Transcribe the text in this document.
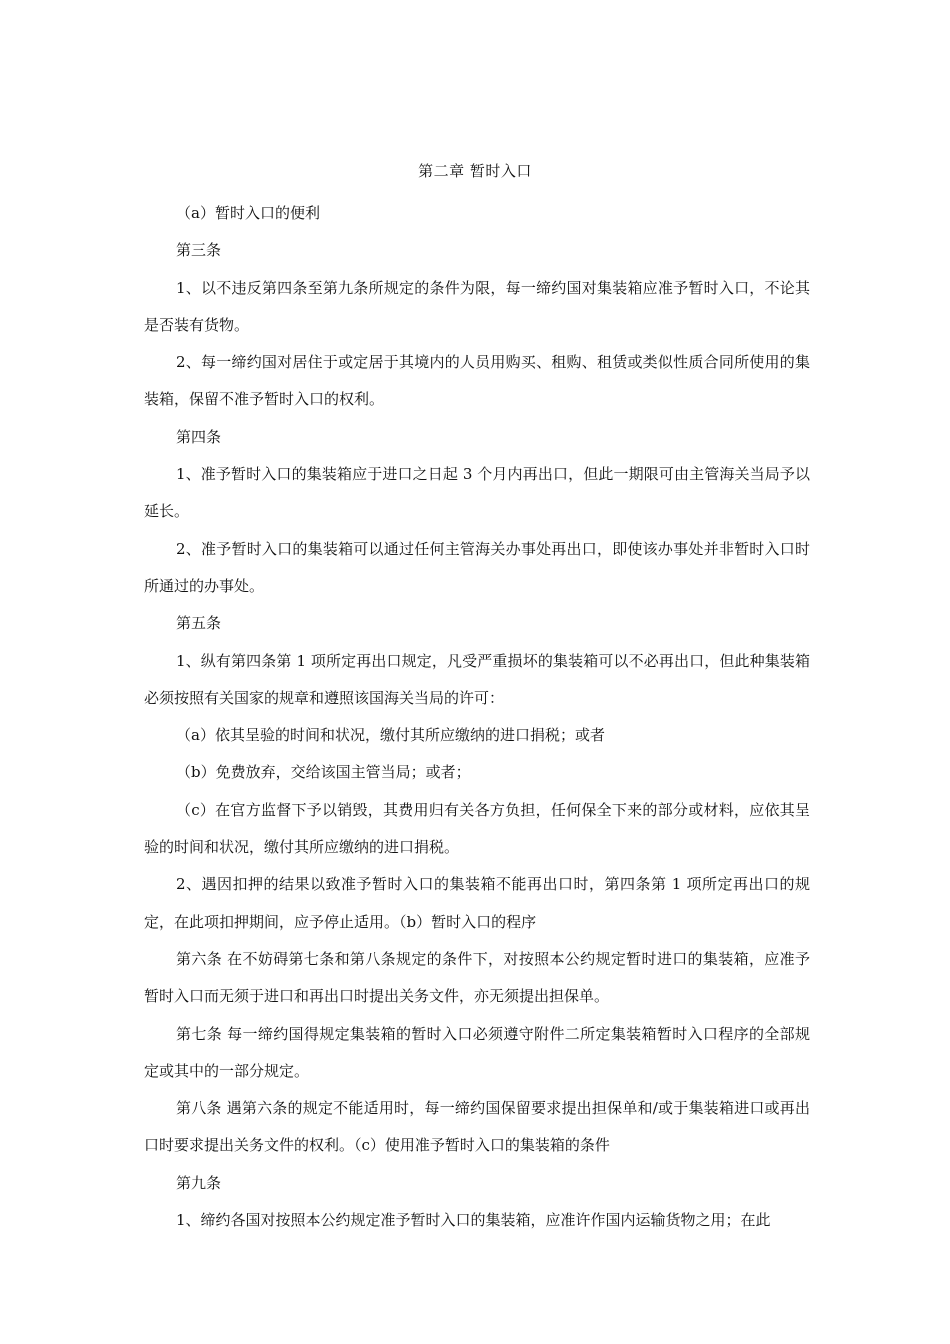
第二章 暂时入口

（a）暂时入口的便利

第三条

1、以不违反第四条至第九条所规定的条件为限，每一缔约国对集装箱应准予暂时入口，不论其是否装有货物。

2、每一缔约国对居住于或定居于其境内的人员用购买、租购、租赁或类似性质合同所使用的集装箱，保留不准予暂时入口的权利。

第四条

1、准予暂时入口的集装箱应于进口之日起 3 个月内再出口，但此一期限可由主管海关当局予以延长。

2、准予暂时入口的集装箱可以通过任何主管海关办事处再出口，即使该办事处并非暂时入口时所通过的办事处。

第五条

1、纵有第四条第 1 项所定再出口规定，凡受严重损坏的集装箱可以不必再出口，但此种集装箱必须按照有关国家的规章和遵照该国海关当局的许可：

（a）依其呈验的时间和状况，缴付其所应缴纳的进口捐税；或者

（b）免费放弃，交给该国主管当局；或者；

（c）在官方监督下予以销毁，其费用归有关各方负担，任何保全下来的部分或材料，应依其呈验的时间和状况，缴付其所应缴纳的进口捐税。

2、遇因扣押的结果以致准予暂时入口的集装箱不能再出口时，第四条第 1 项所定再出口的规定，在此项扣押期间，应予停止适用。（b）暂时入口的程序

第六条 在不妨碍第七条和第八条规定的条件下，对按照本公约规定暂时进口的集装箱，应准予暂时入口而无须于进口和再出口时提出关务文件，亦无须提出担保单。

第七条 每一缔约国得规定集装箱的暂时入口必须遵守附件二所定集装箱暂时入口程序的全部规定或其中的一部分规定。

第八条 遇第六条的规定不能适用时，每一缔约国保留要求提出担保单和/或于集装箱进口或再出口时要求提出关务文件的权利。（c）使用准予暂时入口的集装箱的条件

第九条

1、缔约各国对按照本公约规定准予暂时入口的集装箱，应准许作国内运输货物之用；在此
